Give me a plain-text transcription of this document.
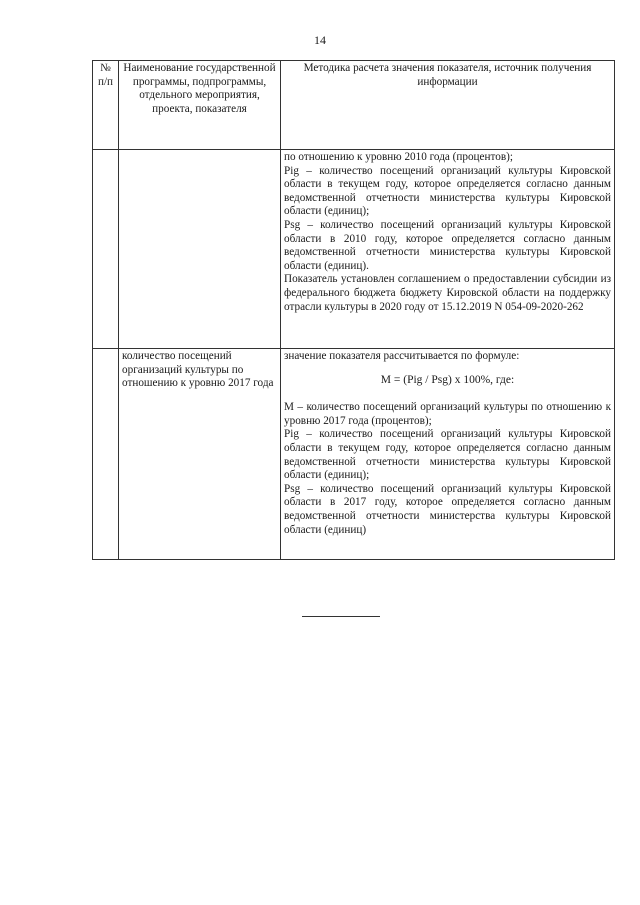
14
№ п/п	Наименование государственной программы, подпрограммы, отдельного мероприятия, проекта, показателя	Методика расчета значения показателя, источник получения информации

		по отношению к уровню 2010 года (процентов);

Pig – количество посещений организаций культуры Кировской области в текущем году, которое определяется согласно данным ведомственной отчетности министерства культуры Кировской области (единиц);

Psg – количество посещений организаций культуры Кировской области в 2010 году, которое определяется согласно данным ведомственной отчетности министерства культуры Кировской области (единиц).

Показатель установлен соглашением о предоставлении субсидии из федерального бюджета бюджету Кировской области на поддержку отрасли культуры в 2020 году от 15.12.2019 N 054-09-2020-262

	количество посещений организаций культуры по отношению к уровню 2017 года	значение показателя рассчитывается по формуле:

M = (Pig / Psg) x 100%, где:

M – количество посещений организаций культуры по отношению к уровню 2017 года (процентов);

Pig – количество посещений организаций культуры Кировской области в текущем году, которое определяется согласно данным ведомственной отчетности министерства культуры Кировской области (единиц);

Psg – количество посещений организаций культуры Кировской области в 2017 году, которое определяется согласно данным ведомственной отчетности министерства культуры Кировской области (единиц)
